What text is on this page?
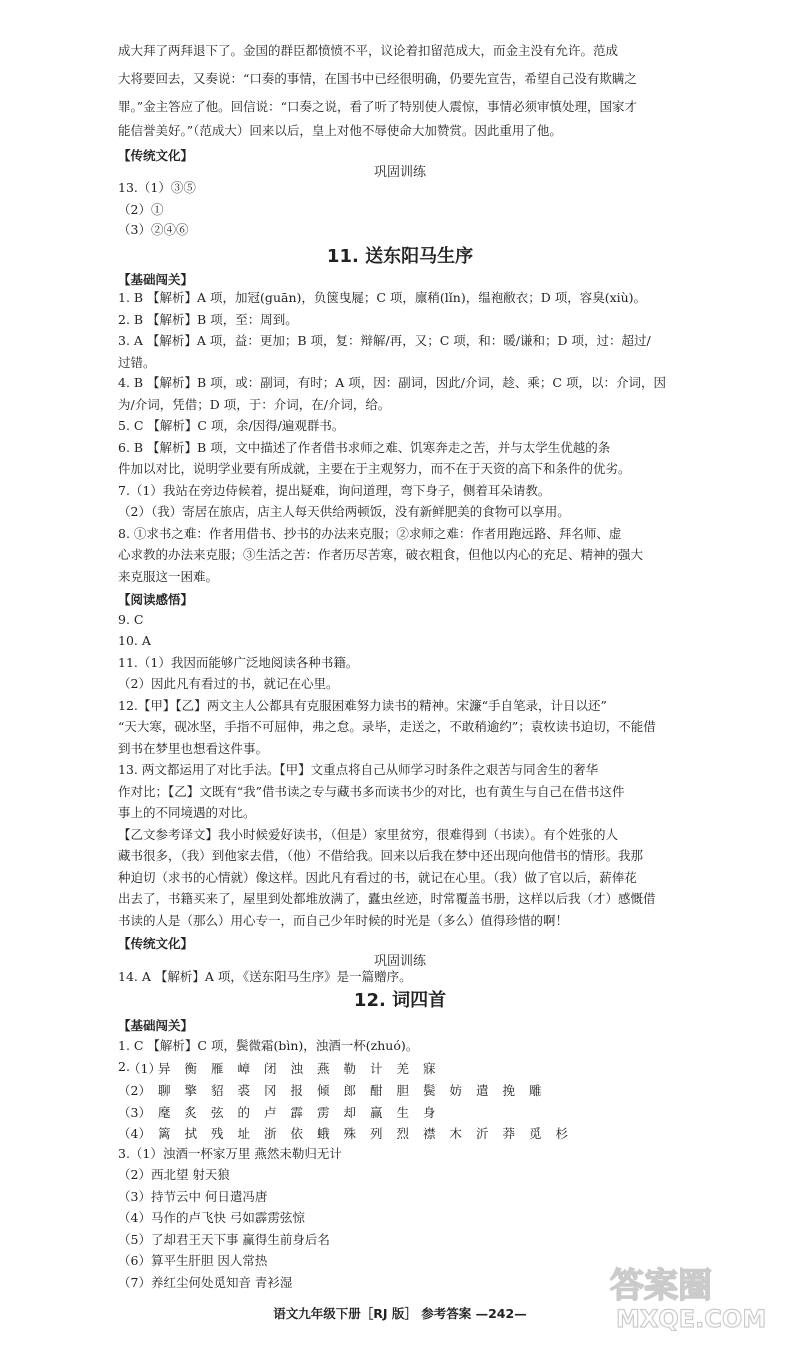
成大拜了两拜退下了。金国的群臣都愤愤不平，议论着扣留范成大，而金主没有允许。范成
大将要回去，又奏说：“口奏的事情，在国书中已经很明确，仍要先宣告，希望自己没有欺瞒之
罪。”金主答应了他。回信说：“口奏之说，看了听了特别使人震惊，事情必须审慎处理，国家才
能信誉美好。”（范成大）回来以后，皇上对他不辱使命大加赞赏。因此重用了他。
【传统文化】
巩固训练
13.（1）③⑤
（2）①
（3）②④⑥
11. 送东阳马生序
【基础闯关】
1. B 【解析】A 项，加冠(guān)，负箧曳屣；C 项，廪稍(lǐn)，缊袍敝衣；D 项，容臭(xiù)。
2. B 【解析】B 项，至：周到。
3. A 【解析】A 项，益：更加；B 项，复：辩解/再，又；C 项，和：暖/谦和；D 项，过：超过/
过错。
4. B 【解析】B 项，或：副词，有时；A 项，因：副词，因此/介词，趁、乘；C 项，以：介词，因
为/介词，凭借；D 项，于：介词，在/介词，给。
5. C 【解析】C 项，余/因得/遍观群书。
6. B 【解析】B 项，文中描述了作者借书求师之难、饥寒奔走之苦，并与太学生优越的条
件加以对比，说明学业要有所成就，主要在于主观努力，而不在于天资的高下和条件的优劣。
7.（1）我站在旁边侍候着，提出疑难，询问道理，弯下身子，侧着耳朵请教。
（2）（我）寄居在旅店，店主人每天供给两顿饭，没有新鲜肥美的食物可以享用。
8. ①求书之难：作者用借书、抄书的办法来克服；②求师之难：作者用跑远路、拜名师、虚
心求教的办法来克服；③生活之苦：作者历尽苦寒，破衣粗食，但他以内心的充足、精神的强大
来克服这一困难。
【阅读感悟】
9. C
10. A
11.（1）我因而能够广泛地阅读各种书籍。
（2）因此凡有看过的书，就记在心里。
12.【甲】【乙】两文主人公都具有克服困难努力读书的精神。宋濂“手自笔录，计日以还”
“天大寒，砚冰坚，手指不可屈伸，弗之怠。录毕，走送之，不敢稍逾约”；袁枚读书迫切，不能借
到书在梦里也想看这件事。
13. 两文都运用了对比手法。【甲】文重点将自己从师学习时条件之艰苦与同舍生的奢华
作对比；【乙】文既有“我”借书读之专与藏书多而读书少的对比，也有黄生与自己在借书这件
事上的不同境遇的对比。
【乙文参考译文】我小时候爱好读书，（但是）家里贫穷，很难得到（书读）。有个姓张的人
藏书很多，（我）到他家去借，（他）不借给我。回来以后我在梦中还出现向他借书的情形。我那
种迫切（求书的心情就）像这样。因此凡有看过的书，就记在心里。（我）做了官以后，薪俸花
出去了，书籍买来了，屋里到处都堆放满了，蠹虫丝迹，时常覆盖书册，这样以后我（才）感慨借
书读的人是（那么）用心专一，而自己少年时候的时光是（多么）值得珍惜的啊！
【传统文化】
巩固训练
14. A 【解析】A 项，《送东阳马生序》是一篇赠序。
12. 词四首
【基础闯关】
1. C 【解析】C 项，鬓微霜(bìn)，浊酒一杯(zhuó)。
2.
（1）
异	衡	雁	嶂	闭	浊	燕	勒	计	羌	寐
（2） 聊	擎	貂	裘	冈	报	倾	郎	酣	胆	鬓	妨	遣	挽	雕
（3） 麾	炙	弦	的	卢	霹	雳	却	赢	生	身
（4） 篱	拭	残	址	浙	依	蛾	殊	列	烈	襟	木	沂	莽	觅	杉
3.（1）浊酒一杯家万里 燕然未勒归无计
（2）西北望 射天狼
（3）持节云中 何日遣冯唐
（4）马作的卢飞快 弓如霹雳弦惊
（5）了却君王天下事 赢得生前身后名
（6）算平生肝胆 因人常热
（7）养红尘何处觅知音 青衫湿
语文九年级下册［RJ 版］ 参考答案 —242—
答案圈
MXQE.COM
